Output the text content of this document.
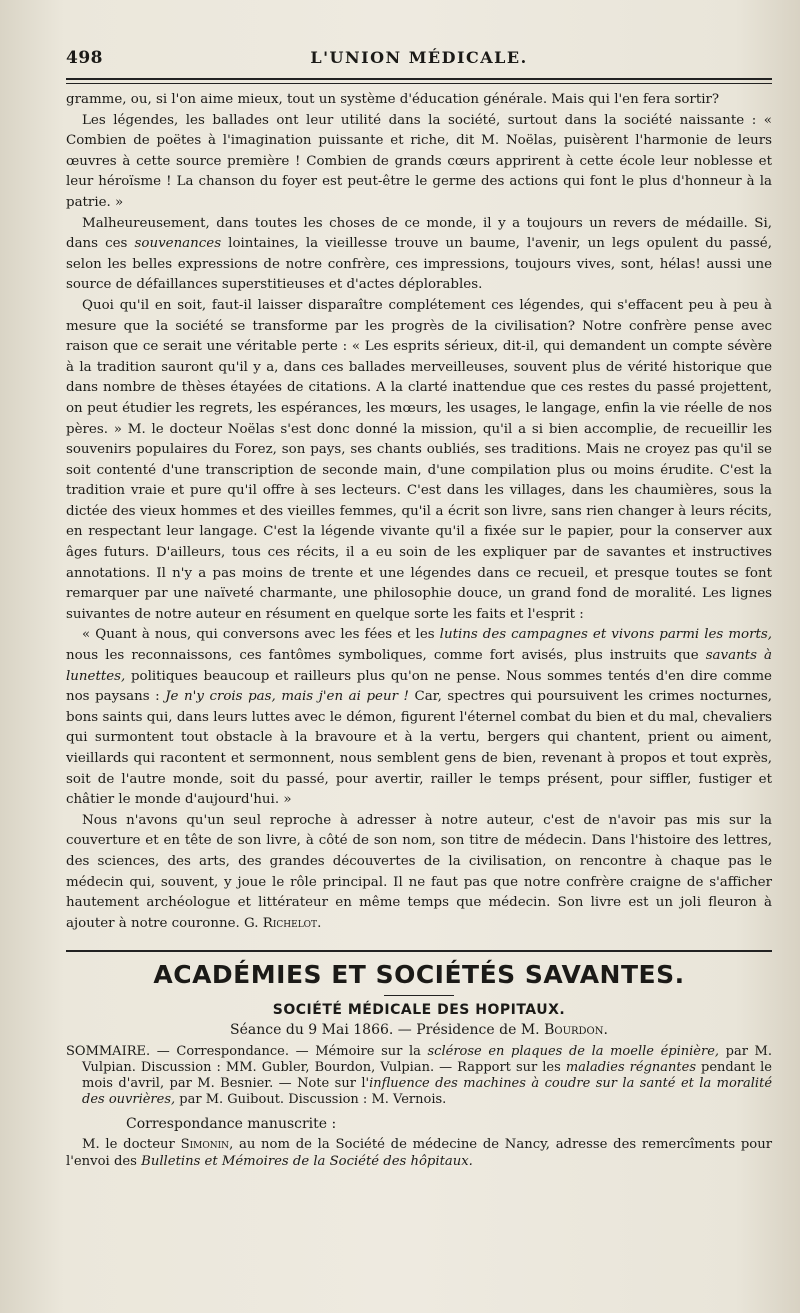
498	L'UNION MÉDICALE.

gramme, ou, si l'on aime mieux, tout un système d'éducation générale. Mais qui l'en fera sortir?

Les légendes, les ballades ont leur utilité dans la société, surtout dans la société naissante : « Combien de poëtes à l'imagination puissante et riche, dit M. Noëlas, puisèrent l'harmonie de leurs œuvres à cette source première ! Combien de grands cœurs apprirent à cette école leur noblesse et leur héroïsme ! La chanson du foyer est peut-être le germe des actions qui font le plus d'honneur à la patrie. »

Malheureusement, dans toutes les choses de ce monde, il y a toujours un revers de médaille. Si, dans ces souvenances lointaines, la vieillesse trouve un baume, l'avenir, un legs opulent du passé, selon les belles expressions de notre confrère, ces impressions, toujours vives, sont, hélas! aussi une source de défaillances superstitieuses et d'actes déplorables.

Quoi qu'il en soit, faut-il laisser disparaître complétement ces légendes, qui s'effacent peu à peu à mesure que la société se transforme par les progrès de la civilisation? Notre confrère pense avec raison que ce serait une véritable perte : « Les esprits sérieux, dit-il, qui demandent un compte sévère à la tradition sauront qu'il y a, dans ces ballades merveilleuses, souvent plus de vérité historique que dans nombre de thèses étayées de citations. A la clarté inattendue que ces restes du passé projettent, on peut étudier les regrets, les espérances, les mœurs, les usages, le langage, enfin la vie réelle de nos pères. » M. le docteur Noëlas s'est donc donné la mission, qu'il a si bien accomplie, de recueillir les souvenirs populaires du Forez, son pays, ses chants oubliés, ses traditions. Mais ne croyez pas qu'il se soit contenté d'une transcription de seconde main, d'une compilation plus ou moins érudite. C'est la tradition vraie et pure qu'il offre à ses lecteurs. C'est dans les villages, dans les chaumières, sous la dictée des vieux hommes et des vieilles femmes, qu'il a écrit son livre, sans rien changer à leurs récits, en respectant leur langage. C'est la légende vivante qu'il a fixée sur le papier, pour la conserver aux âges futurs. D'ailleurs, tous ces récits, il a eu soin de les expliquer par de savantes et instructives annotations. Il n'y a pas moins de trente et une légendes dans ce recueil, et presque toutes se font remarquer par une naïveté charmante, une philosophie douce, un grand fond de moralité. Les lignes suivantes de notre auteur en résument en quelque sorte les faits et l'esprit :

« Quant à nous, qui conversons avec les fées et les lutins des campagnes et vivons parmi les morts, nous les reconnaissons, ces fantômes symboliques, comme fort avisés, plus instruits que savants à lunettes, politiques beaucoup et railleurs plus qu'on ne pense. Nous sommes tentés d'en dire comme nos paysans : Je n'y crois pas, mais j'en ai peur ! Car, spectres qui poursuivent les crimes nocturnes, bons saints qui, dans leurs luttes avec le démon, figurent l'éternel combat du bien et du mal, chevaliers qui surmontent tout obstacle à la bravoure et à la vertu, bergers qui chantent, prient ou aiment, vieillards qui racontent et sermonnent, nous semblent gens de bien, revenant à propos et tout exprès, soit de l'autre monde, soit du passé, pour avertir, railler le temps présent, pour siffler, fustiger et châtier le monde d'aujourd'hui. »

Nous n'avons qu'un seul reproche à adresser à notre auteur, c'est de n'avoir pas mis sur la couverture et en tête de son livre, à côté de son nom, son titre de médecin. Dans l'histoire des lettres, des sciences, des arts, des grandes découvertes de la civilisation, on rencontre à chaque pas le médecin qui, souvent, y joue le rôle principal. Il ne faut pas que notre confrère craigne de s'afficher hautement archéologue et littérateur en même temps que médecin. Son livre est un joli fleuron à ajouter à notre couronne. G. Richelot.

ACADÉMIES ET SOCIÉTÉS SAVANTES.
SOCIÉTÉ MÉDICALE DES HOPITAUX.
Séance du 9 Mai 1866. — Présidence de M. Bourdon.

SOMMAIRE. — Correspondance. — Mémoire sur la sclérose en plaques de la moelle épinière, par M. Vulpian. Discussion : MM. Gubler, Bourdon, Vulpian. — Rapport sur les maladies régnantes pendant le mois d'avril, par M. Besnier. — Note sur l'influence des machines à coudre sur la santé et la moralité des ouvrières, par M. Guibout. Discussion : M. Vernois.

Correspondance manuscrite :

M. le docteur Simonin, au nom de la Société de médecine de Nancy, adresse des remercîments pour l'envoi des Bulletins et Mémoires de la Société des hôpitaux.
